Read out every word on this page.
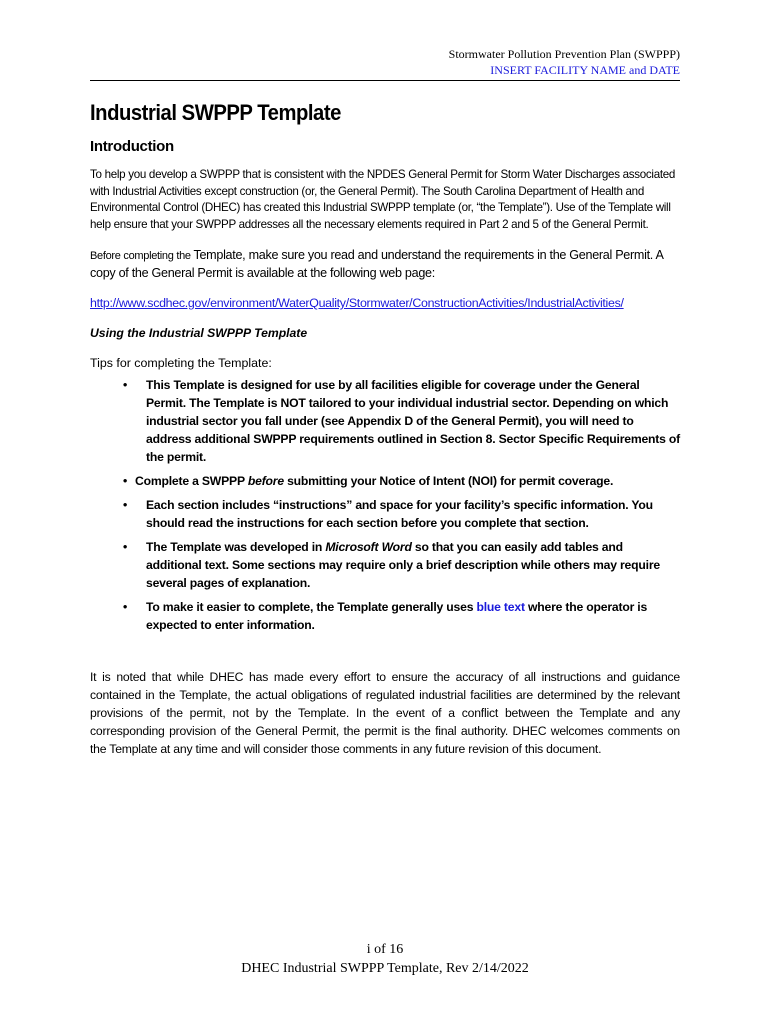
Stormwater Pollution Prevention Plan (SWPPP)
INSERT FACILITY NAME and DATE
Industrial SWPPP Template
Introduction

To help you develop a SWPPP that is consistent with the NPDES General Permit for Storm Water Discharges associated with Industrial Activities except construction (or, the General Permit). The South Carolina Department of Health and Environmental Control (DHEC) has created this Industrial SWPPP template (or, “the Template”). Use of the Template will help ensure that your SWPPP addresses all the necessary elements required in Part 2 and 5 of the General Permit.

Before completing the Template, make sure you read and understand the requirements in the General Permit. A copy of the General Permit is available at the following web page:

http://www.scdhec.gov/environment/WaterQuality/Stormwater/ConstructionActivities/IndustrialActivities/
Using the Industrial SWPPP Template
Tips for completing the Template:
• This Template is designed for use by all facilities eligible for coverage under the General Permit. The Template is NOT tailored to your individual industrial sector. Depending on which industrial sector you fall under (see Appendix D of the General Permit), you will need to address additional SWPPP requirements outlined in Section 8. Sector Specific Requirements of the permit.
• Complete a SWPPP before submitting your Notice of Intent (NOI) for permit coverage.
• Each section includes “instructions” and space for your facility’s specific information. You should read the instructions for each section before you complete that section.
• The Template was developed in Microsoft Word so that you can easily add tables and additional text. Some sections may require only a brief description while others may require several pages of explanation.
• To make it easier to complete, the Template generally uses blue text where the operator is expected to enter information.

It is noted that while DHEC has made every effort to ensure the accuracy of all instructions and guidance contained in the Template, the actual obligations of regulated industrial facilities are determined by the relevant provisions of the permit, not by the Template. In the event of a conflict between the Template and any corresponding provision of the General Permit, the permit is the final authority. DHEC welcomes comments on the Template at any time and will consider those comments in any future revision of this document.

i of 16
DHEC Industrial SWPPP Template, Rev 2/14/2022
